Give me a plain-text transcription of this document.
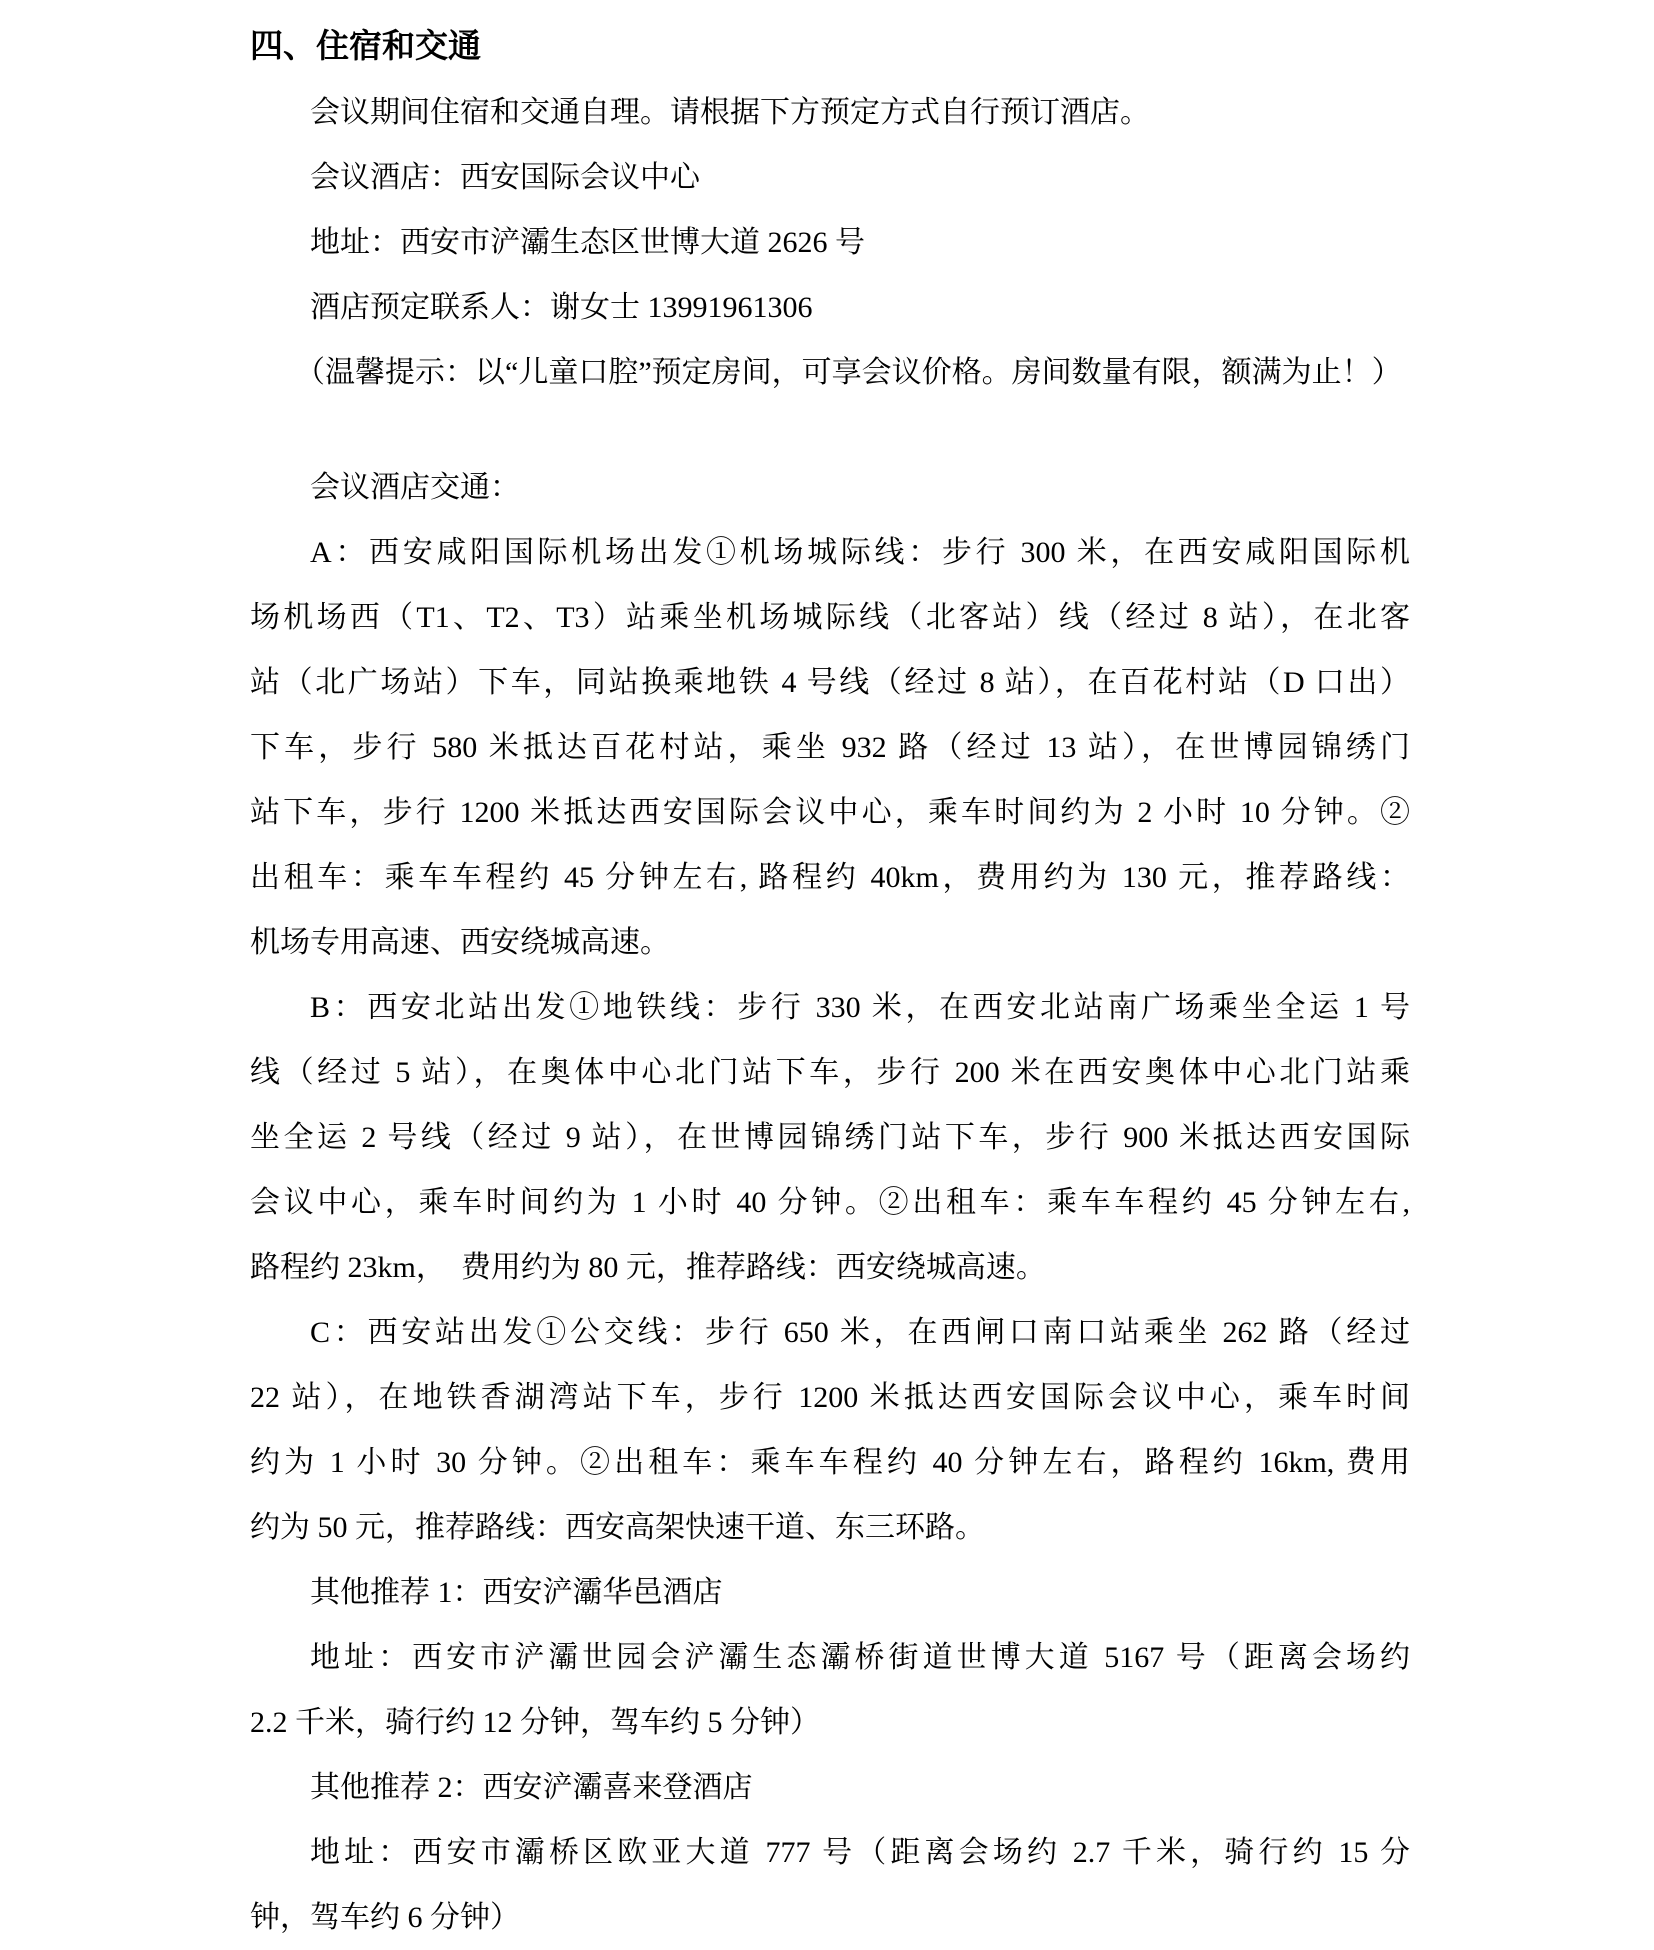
四、住宿和交通
会议期间住宿和交通自理。请根据下方预定方式自行预订酒店。
会议酒店：西安国际会议中心
地址：西安市浐灞生态区世博大道 2626 号
酒店预定联系人：谢女士 13991961306
（温馨提示：以“儿童口腔”预定房间，可享会议价格。房间数量有限，额满为止！）
会议酒店交通：
A：西安咸阳国际机场出发①机场城际线：步行 300 米，在西安咸阳国际机
场机场西（T1、T2、T3）站乘坐机场城际线（北客站）线（经过 8 站），在北客
站（北广场站）下车，同站换乘地铁 4 号线（经过 8 站），在百花村站（D 口出）
下车，步行 580 米抵达百花村站，乘坐 932 路（经过 13 站），在世博园锦绣门
站下车，步行 1200 米抵达西安国际会议中心，乘车时间约为 2 小时 10 分钟。②
出租车：乘车车程约 45 分钟左右, 路程约 40km，费用约为 130 元，推荐路线：
机场专用高速、西安绕城高速。
B：西安北站出发①地铁线：步行 330 米，在西安北站南广场乘坐全运 1 号
线（经过 5 站），在奥体中心北门站下车，步行 200 米在西安奥体中心北门站乘
坐全运 2 号线（经过 9 站），在世博园锦绣门站下车，步行 900 米抵达西安国际
会议中心，乘车时间约为 1 小时 40 分钟。②出租车：乘车车程约 45 分钟左右,
路程约 23km，　费用约为 80 元，推荐路线：西安绕城高速。
C：西安站出发①公交线：步行 650 米，在西闸口南口站乘坐 262 路（经过
22 站），在地铁香湖湾站下车，步行 1200 米抵达西安国际会议中心，乘车时间
约为 1 小时 30 分钟。②出租车：乘车车程约 40 分钟左右，路程约 16km, 费用
约为 50 元，推荐路线：西安高架快速干道、东三环路。
其他推荐 1：西安浐灞华邑酒店
地址：西安市浐灞世园会浐灞生态灞桥街道世博大道 5167 号（距离会场约
2.2 千米，骑行约 12 分钟，驾车约 5 分钟）
其他推荐 2：西安浐灞喜来登酒店
地址：西安市灞桥区欧亚大道 777 号（距离会场约 2.7 千米，骑行约 15 分
钟，驾车约 6 分钟）
